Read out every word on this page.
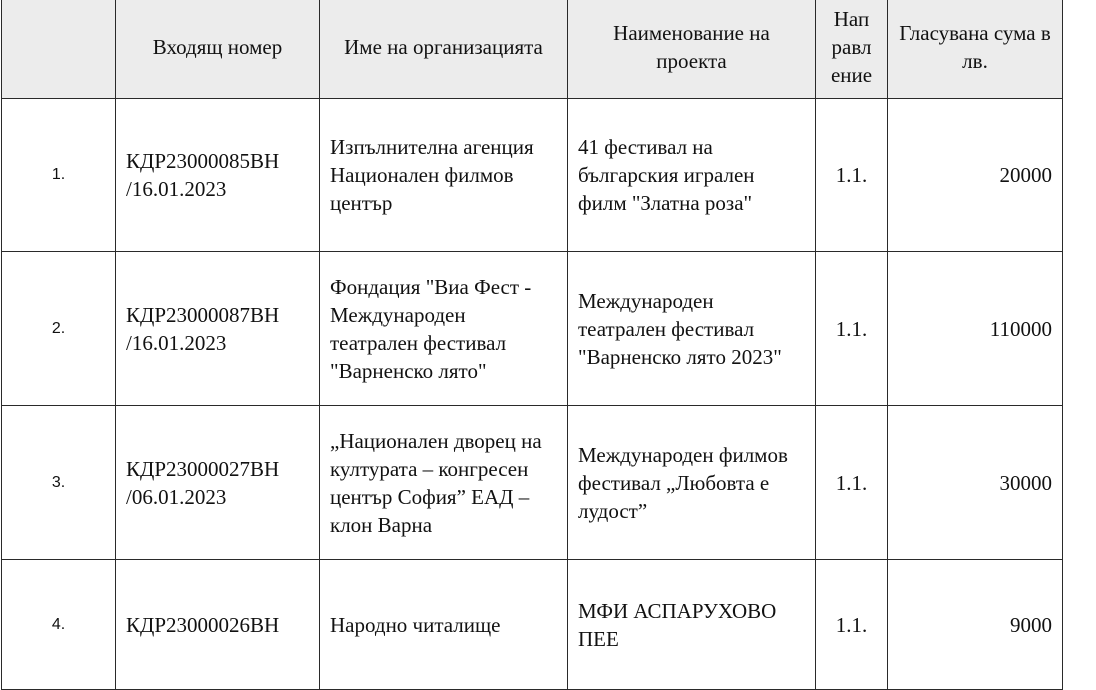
	Входящ номер	Име на организацията	Наименование на проекта	Нап равл ение	Гласувана сума в лв.
1.	КДР23000085ВН /16.01.2023	Изпълнителна агенция Национален филмов център	41 фестивал на българския игрален филм "Златна роза"	1.1.	20000
2.	КДР23000087ВН /16.01.2023	Фондация "Виа Фест - Международен театрален фестивал "Варненско лято"	Международен театрален фестивал "Варненско лято 2023"	1.1.	110000
3.	КДР23000027ВН /06.01.2023	„Национален дворец на културата – конгресен център София” ЕАД – клон Варна	Международен филмов фестивал „Любовта е лудост”	1.1.	30000
4.	КДР23000026ВН	Народно читалище	МФИ АСПАРУХОВО ПЕЕ	1.1.	9000
